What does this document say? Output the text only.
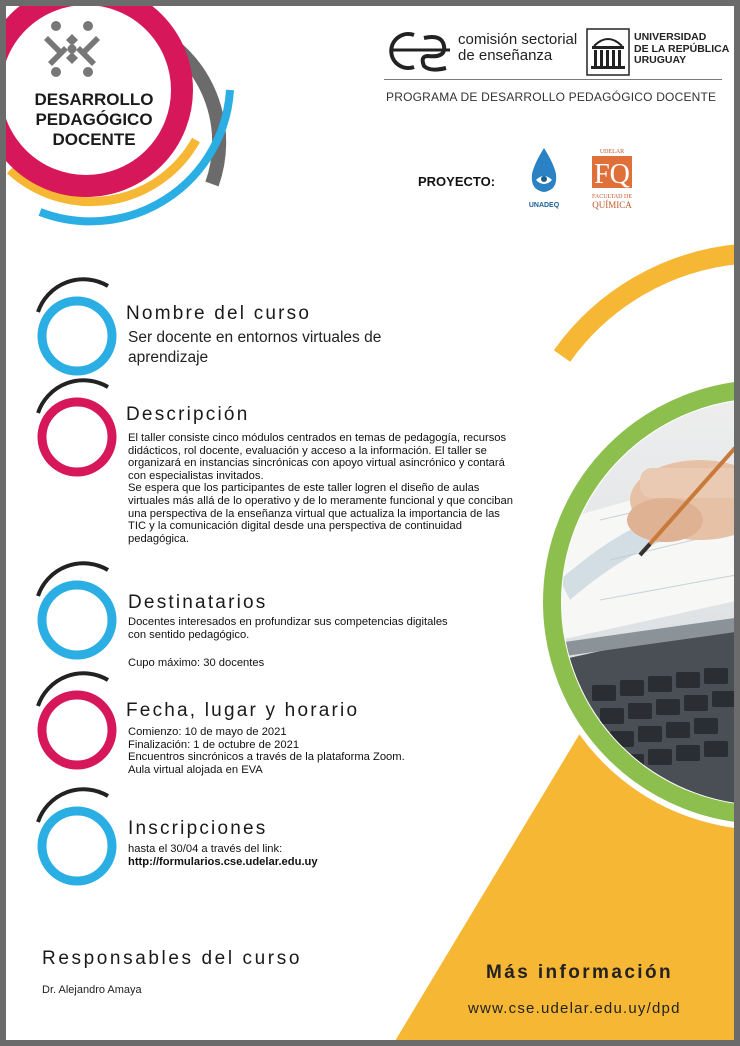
DESARROLLO
PEDAGÓGICO
DOCENTE
comisión sectorial
de enseñanza
UNIVERSIDAD
DE LA REPÚBLICA
URUGUAY
PROGRAMA DE DESARROLLO PEDAGÓGICO DOCENTE
PROYECTO:
UNADEQ
UDELAR
FQ
FACULTAD DE
QUÍMICA
Nombre del curso
Ser docente en entornos virtuales de aprendizaje
Descripción

El taller consiste cinco módulos centrados en temas de pedagogía, recursos didácticos, rol docente, evaluación y acceso a la información. El taller se organizará en instancias sincrónicas con apoyo virtual asincrónico y contará con especialistas invitados.

Se espera que los participantes de este taller logren el diseño de aulas virtuales más allá de lo operativo y de lo meramente funcional y que conciban una perspectiva de la enseñanza virtual que actualiza la importancia de las

TIC y la comunicación digital desde una perspectiva de continuidad pedagógica.

Destinatarios

Docentes interesados en profundizar sus competencias digitales con sentido pedagógico.

Cupo máximo: 30 docentes

Fecha, lugar y horario

Comienzo: 10 de mayo de 2021

Finalización: 1 de octubre de 2021

Encuentros sincrónicos a través de la plataforma Zoom.

Aula virtual alojada en EVA

Inscripciones

hasta el 30/04 a través del link:

http://formularios.cse.udelar.edu.uy

Responsables del curso
Dr. Alejandro Amaya
Más información
www.cse.udelar.edu.uy/dpd
